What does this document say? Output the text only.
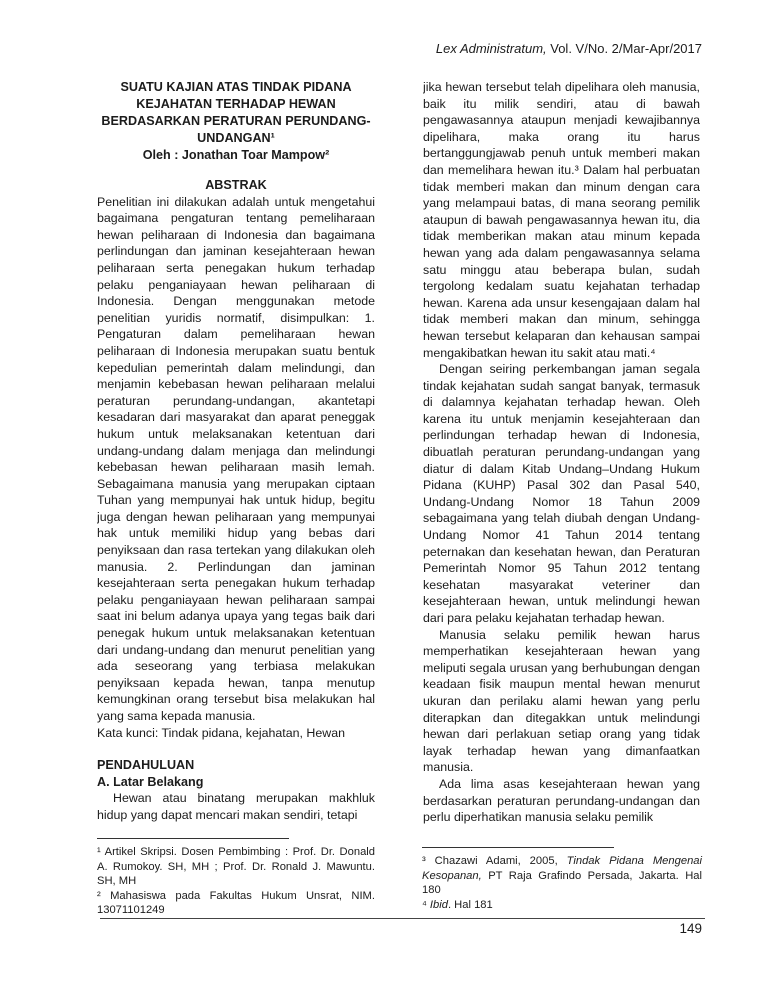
Lex Administratum, Vol. V/No. 2/Mar-Apr/2017
SUATU KAJIAN ATAS TINDAK PIDANA KEJAHATAN TERHADAP HEWAN BERDASARKAN PERATURAN PERUNDANG-UNDANGAN¹
Oleh : Jonathan Toar Mampow²
ABSTRAK

Penelitian ini dilakukan adalah untuk mengetahui bagaimana pengaturan tentang pemeliharaan hewan peliharaan di Indonesia dan bagaimana perlindungan dan jaminan kesejahteraan hewan peliharaan serta penegakan hukum terhadap pelaku penganiayaan hewan peliharaan di Indonesia. Dengan menggunakan metode penelitian yuridis normatif, disimpulkan: 1. Pengaturan dalam pemeliharaan hewan peliharaan di Indonesia merupakan suatu bentuk kepedulian pemerintah dalam melindungi, dan menjamin kebebasan hewan peliharaan melalui peraturan perundang-undangan, akantetapi kesadaran dari masyarakat dan aparat peneggak hukum untuk melaksanakan ketentuan dari undang-undang dalam menjaga dan melindungi kebebasan hewan peliharaan masih lemah. Sebagaimana manusia yang merupakan ciptaan Tuhan yang mempunyai hak untuk hidup, begitu juga dengan hewan peliharaan yang mempunyai hak untuk memiliki hidup yang bebas dari penyiksaan dan rasa tertekan yang dilakukan oleh manusia. 2. Perlindungan dan jaminan kesejahteraan serta penegakan hukum terhadap pelaku penganiayaan hewan peliharaan sampai saat ini belum adanya upaya yang tegas baik dari penegak hukum untuk melaksanakan ketentuan dari undang-undang dan menurut penelitian yang ada seseorang yang terbiasa melakukan penyiksaan kepada hewan, tanpa menutup kemungkinan orang tersebut bisa melakukan hal yang sama kepada manusia.

Kata kunci: Tindak pidana, kejahatan, Hewan

PENDAHULUAN
A. Latar Belakang

Hewan atau binatang merupakan makhluk hidup yang dapat mencari makan sendiri, tetapi

jika hewan tersebut telah dipelihara oleh manusia, baik itu milik sendiri, atau di bawah pengawasannya ataupun menjadi kewajibannya dipelihara, maka orang itu harus bertanggungjawab penuh untuk memberi makan dan memelihara hewan itu.³ Dalam hal perbuatan tidak memberi makan dan minum dengan cara yang melampaui batas, di mana seorang pemilik ataupun di bawah pengawasannya hewan itu, dia tidak memberikan makan atau minum kepada hewan yang ada dalam pengawasannya selama satu minggu atau beberapa bulan, sudah tergolong kedalam suatu kejahatan terhadap hewan. Karena ada unsur kesengajaan dalam hal tidak memberi makan dan minum, sehingga hewan tersebut kelaparan dan kehausan sampai mengakibatkan hewan itu sakit atau mati.⁴

Dengan seiring perkembangan jaman segala tindak kejahatan sudah sangat banyak, termasuk di dalamnya kejahatan terhadap hewan. Oleh karena itu untuk menjamin kesejahteraan dan perlindungan terhadap hewan di Indonesia, dibuatlah peraturan perundang-undangan yang diatur di dalam Kitab Undang–Undang Hukum Pidana (KUHP) Pasal 302 dan Pasal 540, Undang-Undang Nomor 18 Tahun 2009 sebagaimana yang telah diubah dengan Undang-Undang Nomor 41 Tahun 2014 tentang peternakan dan kesehatan hewan, dan Peraturan Pemerintah Nomor 95 Tahun 2012 tentang kesehatan masyarakat veteriner dan kesejahteraan hewan, untuk melindungi hewan dari para pelaku kejahatan terhadap hewan.

Manusia selaku pemilik hewan harus memperhatikan kesejahteraan hewan yang meliputi segala urusan yang berhubungan dengan keadaan fisik maupun mental hewan menurut ukuran dan perilaku alami hewan yang perlu diterapkan dan ditegakkan untuk melindungi hewan dari perlakuan setiap orang yang tidak layak terhadap hewan yang dimanfaatkan manusia.

Ada lima asas kesejahteraan hewan yang berdasarkan peraturan perundang-undangan dan perlu diperhatikan manusia selaku pemilik

¹ Artikel Skripsi. Dosen Pembimbing : Prof. Dr. Donald A. Rumokoy. SH, MH ; Prof. Dr. Ronald J. Mawuntu. SH, MH

² Mahasiswa pada Fakultas Hukum Unsrat, NIM. 13071101249

³ Chazawi Adami, 2005, Tindak Pidana Mengenai Kesopanan, PT Raja Grafindo Persada, Jakarta. Hal 180

⁴ Ibid. Hal 181

149
